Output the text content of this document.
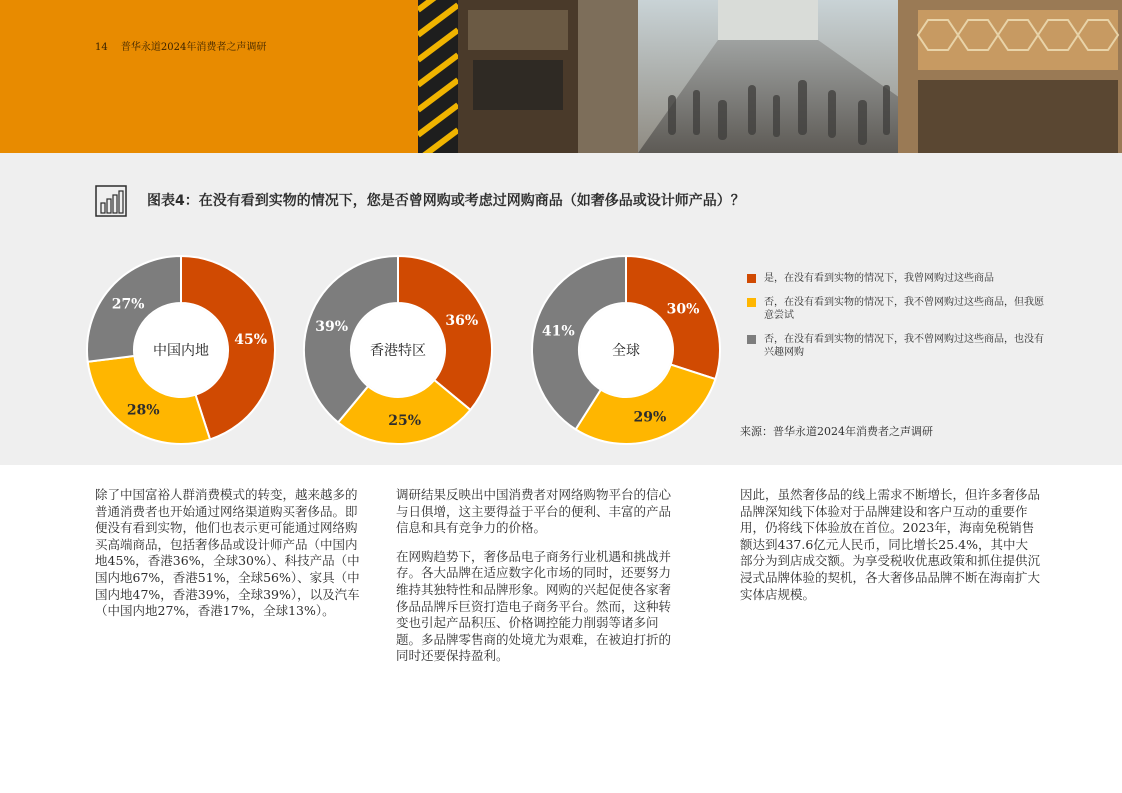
14 普华永道2024年消费者之声调研
图表4：在没有看到实物的情况下，您是否曾网购或考虑过网购商品（如奢侈品或设计师产品）？
45%
28%
27%
中国内地
36%
25%
39%
香港特区
30%
29%
41%
全球
是，在没有看到实物的情况下，我曾网购过这些商品
否，在没有看到实物的情况下，我不曾网购过这些商品，但我愿意尝试
否，在没有看到实物的情况下，我不曾网购过这些商品，也没有兴趣网购
来源：普华永道2024年消费者之声调研

除了中国富裕人群消费模式的转变，越来越多的普通消费者也开始通过网络渠道购买奢侈品。即便没有看到实物，他们也表示更可能通过网络购买高端商品，包括奢侈品或设计师产品（中国内地45%，香港36%，全球30%）、科技产品（中国内地67%，香港51%，全球56%）、家具（中国内地47%，香港39%，全球39%），以及汽车（中国内地27%，香港17%，全球13%）。

调研结果反映出中国消费者对网络购物平台的信心与日俱增，这主要得益于平台的便利、丰富的产品信息和具有竞争力的价格。

在网购趋势下，奢侈品电子商务行业机遇和挑战并存。各大品牌在适应数字化市场的同时，还要努力维持其独特性和品牌形象。网购的兴起促使各家奢侈品品牌斥巨资打造电子商务平台。然而，这种转变也引起产品积压、价格调控能力削弱等诸多问题。多品牌零售商的处境尤为艰难，在被迫打折的同时还要保持盈利。

因此，虽然奢侈品的线上需求不断增长，但许多奢侈品品牌深知线下体验对于品牌建设和客户互动的重要作用，仍将线下体验放在首位。2023年，海南免税销售额达到437.6亿元人民币，同比增长25.4%，其中大部分为到店成交额。为享受税收优惠政策和抓住提供沉浸式品牌体验的契机，各大奢侈品品牌不断在海南扩大实体店规模。
